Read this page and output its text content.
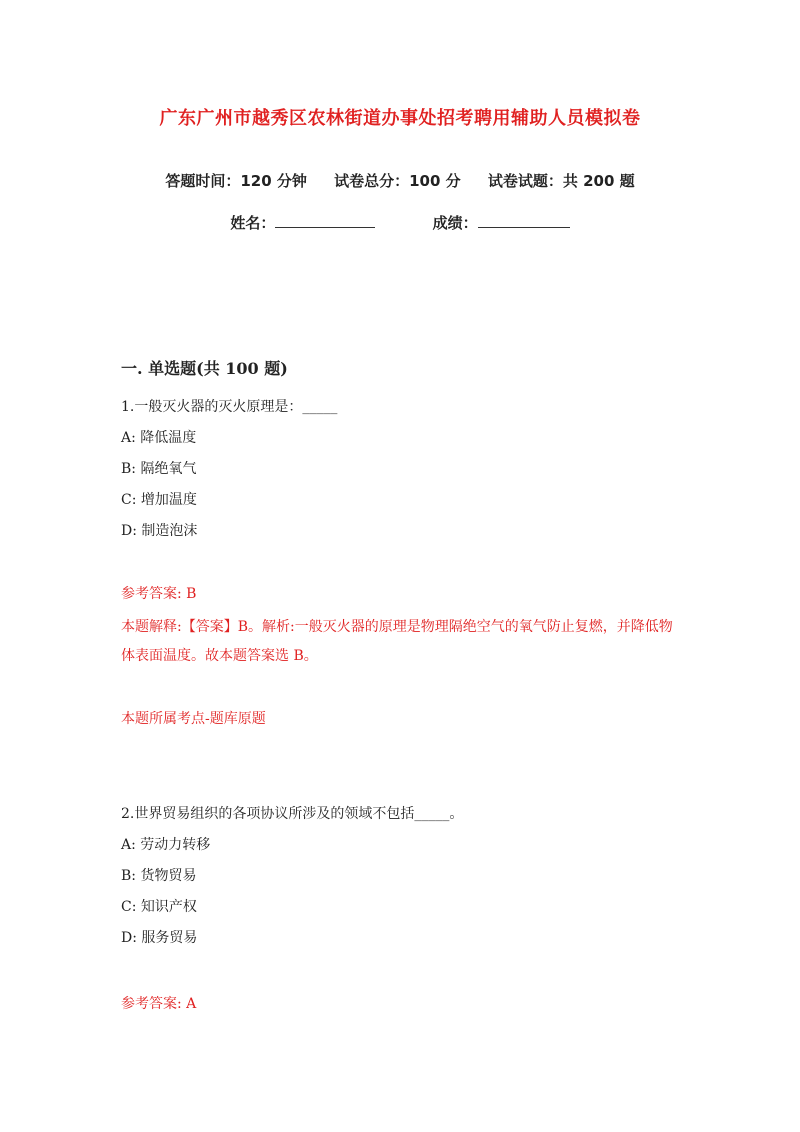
广东广州市越秀区农林街道办事处招考聘用辅助人员模拟卷
答题时间：120 分钟 试卷总分：100 分 试卷试题：共 200 题
姓名：	成绩：
一. 单选题(共 100 题)
1.一般灭火器的灭火原理是：_____
A: 降低温度
B: 隔绝氧气
C: 增加温度
D: 制造泡沫
参考答案: B
本题解释:【答案】B。解析:一般灭火器的原理是物理隔绝空气的氧气防止复燃，并降低物体表面温度。故本题答案选 B。
本题所属考点-题库原题
2.世界贸易组织的各项协议所涉及的领域不包括_____。
A: 劳动力转移
B: 货物贸易
C: 知识产权
D: 服务贸易
参考答案: A
